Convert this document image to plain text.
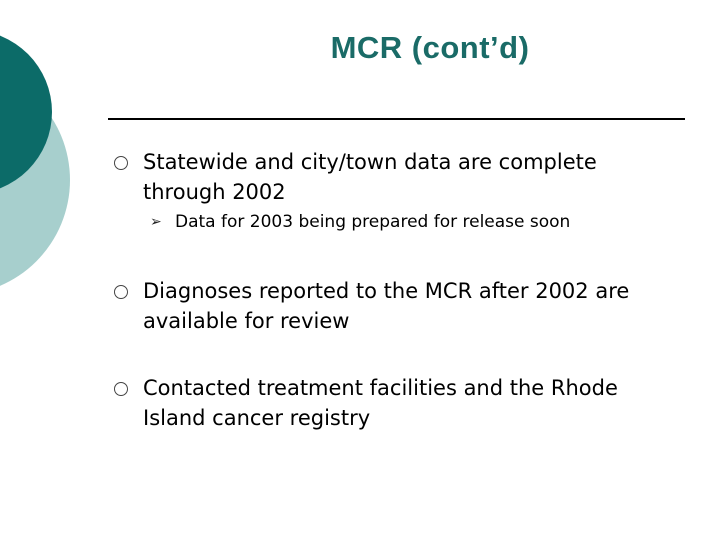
MCR (cont’d)
Statewide and city/town data are complete through 2002
➢ Data for 2003 being prepared for release soon
Diagnoses reported to the MCR after 2002 are available for review
Contacted treatment facilities and the Rhode Island cancer registry
